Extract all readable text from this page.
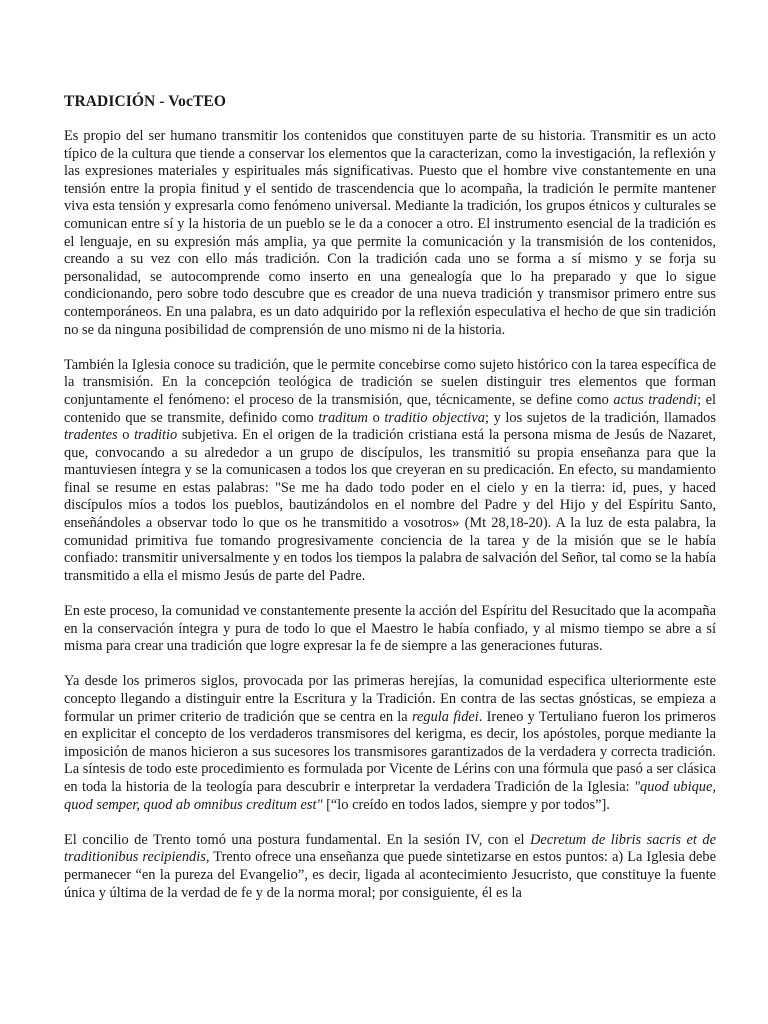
TRADICIÓN - VocTEO

Es propio del ser humano transmitir los contenidos que constituyen parte de su historia. Transmitir es un acto típico de la cultura que tiende a conservar los elementos que la caracterizan, como la investigación, la reflexión y las expresiones materiales y espirituales más significativas. Puesto que el hombre vive constantemente en una tensión entre la propia finitud y el sentido de trascendencia que lo acompaña, la tradición le permite mantener viva esta tensión y expresarla como fenómeno universal. Mediante la tradición, los grupos étnicos y culturales se comunican entre sí y la historia de un pueblo se le da a conocer a otro. El instrumento esencial de la tradición es el lenguaje, en su expresión más amplia, ya que permite la comunicación y la transmisión de los contenidos, creando a su vez con ello más tradición. Con la tradición cada uno se forma a sí mismo y se forja su personalidad, se autocomprende como inserto en una genealogía que lo ha preparado y que lo sigue condicionando, pero sobre todo descubre que es creador de una nueva tradición y transmisor primero entre sus contemporáneos. En una palabra, es un dato adquirido por la reflexión especulativa el hecho de que sin tradición no se da ninguna posibilidad de comprensión de uno mismo ni de la historia.

También la Iglesia conoce su tradición, que le permite concebirse como sujeto histórico con la tarea específica de la transmisión. En la concepción teológica de tradición se suelen distinguir tres elementos que forman conjuntamente el fenómeno: el proceso de la transmisión, que, técnicamente, se define como actus tradendi; el contenido que se transmite, definido como traditum o traditio objectiva; y los sujetos de la tradición, llamados tradentes o traditio subjetiva. En el origen de la tradición cristiana está la persona misma de Jesús de Nazaret, que, convocando a su alrededor a un grupo de discípulos, les transmitió su propia enseñanza para que la mantuviesen íntegra y se la comunicasen a todos los que creyeran en su predicación. En efecto, su mandamiento final se resume en estas palabras: "Se me ha dado todo poder en el cielo y en la tierra: id, pues, y haced discípulos míos a todos los pueblos, bautizándolos en el nombre del Padre y del Hijo y del Espíritu Santo, enseñándoles a observar todo lo que os he transmitido a vosotros» (Mt 28,18-20). A la luz de esta palabra, la comunidad primitiva fue tomando progresivamente conciencia de la tarea y de la misión que se le había confiado: transmitir universalmente y en todos los tiempos la palabra de salvación del Señor, tal como se la había transmitido a ella el mismo Jesús de parte del Padre.

En este proceso, la comunidad ve constantemente presente la acción del Espíritu del Resucitado que la acompaña en la conservación íntegra y pura de todo lo que el Maestro le había confiado, y al mismo tiempo se abre a sí misma para crear una tradición que logre expresar la fe de siempre a las generaciones futuras.

Ya desde los primeros siglos, provocada por las primeras herejías, la comunidad especifica ulteriormente este concepto llegando a distinguir entre la Escritura y la Tradición. En contra de las sectas gnósticas, se empieza a formular un primer criterio de tradición que se centra en la regula fidei. Ireneo y Tertuliano fueron los primeros en explicitar el concepto de los verdaderos transmisores del kerigma, es decir, los apóstoles, porque mediante la imposición de manos hicieron a sus sucesores los transmisores garantizados de la verdadera y correcta tradición. La síntesis de todo este procedimiento es formulada por Vicente de Lérins con una fórmula que pasó a ser clásica en toda la historia de la teología para descubrir e interpretar la verdadera Tradición de la Iglesia: "quod ubique, quod semper, quod ab omnibus creditum est" [“lo creído en todos lados, siempre y por todos”].

El concilio de Trento tomó una postura fundamental. En la sesión IV, con el Decretum de libris sacris et de traditionibus recipiendis, Trento ofrece una enseñanza que puede sintetizarse en estos puntos: a) La Iglesia debe permanecer “en la pureza del Evangelio”, es decir, ligada al acontecimiento Jesucristo, que constituye la fuente única y última de la verdad de fe y de la norma moral; por consiguiente, él es la
